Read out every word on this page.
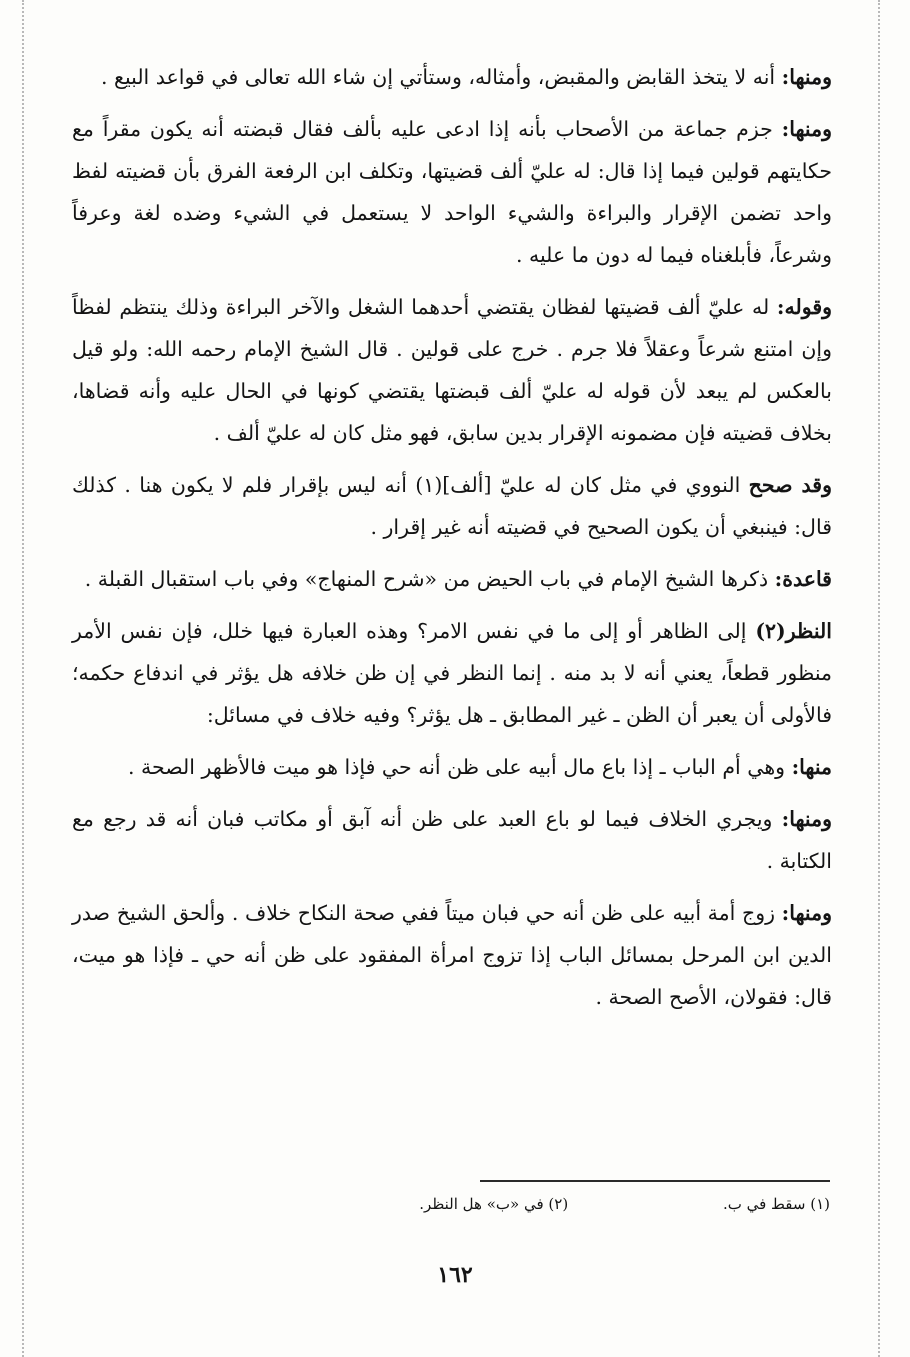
ومنها: أنه لا يتخذ القابض والمقبض، وأمثاله، وستأتي إن شاء الله تعالى في قواعد البيع .

ومنها: جزم جماعة من الأصحاب بأنه إذا ادعى عليه بألف فقال قبضته أنه يكون مقراً مع حكايتهم قولين فيما إذا قال: له عليّ ألف قضيتها، وتكلف ابن الرفعة الفرق بأن قضيته لفظ واحد تضمن الإقرار والبراءة والشيء الواحد لا يستعمل في الشيء وضده لغة وعرفاً وشرعاً، فأبلغناه فيما له دون ما عليه .

وقوله: له عليّ ألف قضيتها لفظان يقتضي أحدهما الشغل والآخر البراءة وذلك ينتظم لفظاً وإن امتنع شرعاً وعقلاً فلا جرم . خرج على قولين . قال الشيخ الإمام رحمه الله: ولو قيل بالعكس لم يبعد لأن قوله له عليّ ألف قبضتها يقتضي كونها في الحال عليه وأنه قضاها، بخلاف قضيته فإن مضمونه الإقرار بدين سابق، فهو مثل كان له عليّ ألف .

وقد صحح النووي في مثل كان له عليّ [ألف](١) أنه ليس بإقرار فلم لا يكون هنا . كذلك قال: فينبغي أن يكون الصحيح في قضيته أنه غير إقرار .

قاعدة: ذكرها الشيخ الإمام في باب الحيض من «شرح المنهاج» وفي باب استقبال القبلة .

النظر(٢) إلى الظاهر أو إلى ما في نفس الامر؟ وهذه العبارة فيها خلل، فإن نفس الأمر منظور قطعاً، يعني أنه لا بد منه . إنما النظر في إن ظن خلافه هل يؤثر في اندفاع حكمه؛ فالأولى أن يعبر أن الظن ـ غير المطابق ـ هل يؤثر؟ وفيه خلاف في مسائل:

منها: وهي أم الباب ـ إذا باع مال أبيه على ظن أنه حي فإذا هو ميت فالأظهر الصحة .

ومنها: ويجري الخلاف فيما لو باع العبد على ظن أنه آبق أو مكاتب فبان أنه قد رجع مع الكتابة .

ومنها: زوج أمة أبيه على ظن أنه حي فبان ميتاً ففي صحة النكاح خلاف . وألحق الشيخ صدر الدين ابن المرحل بمسائل الباب إذا تزوج امرأة المفقود على ظن أنه حي ـ فإذا هو ميت، قال: فقولان، الأصح الصحة .

(١) سقط في ب. (٢) في «ب» هل النظر.
١٦٢
